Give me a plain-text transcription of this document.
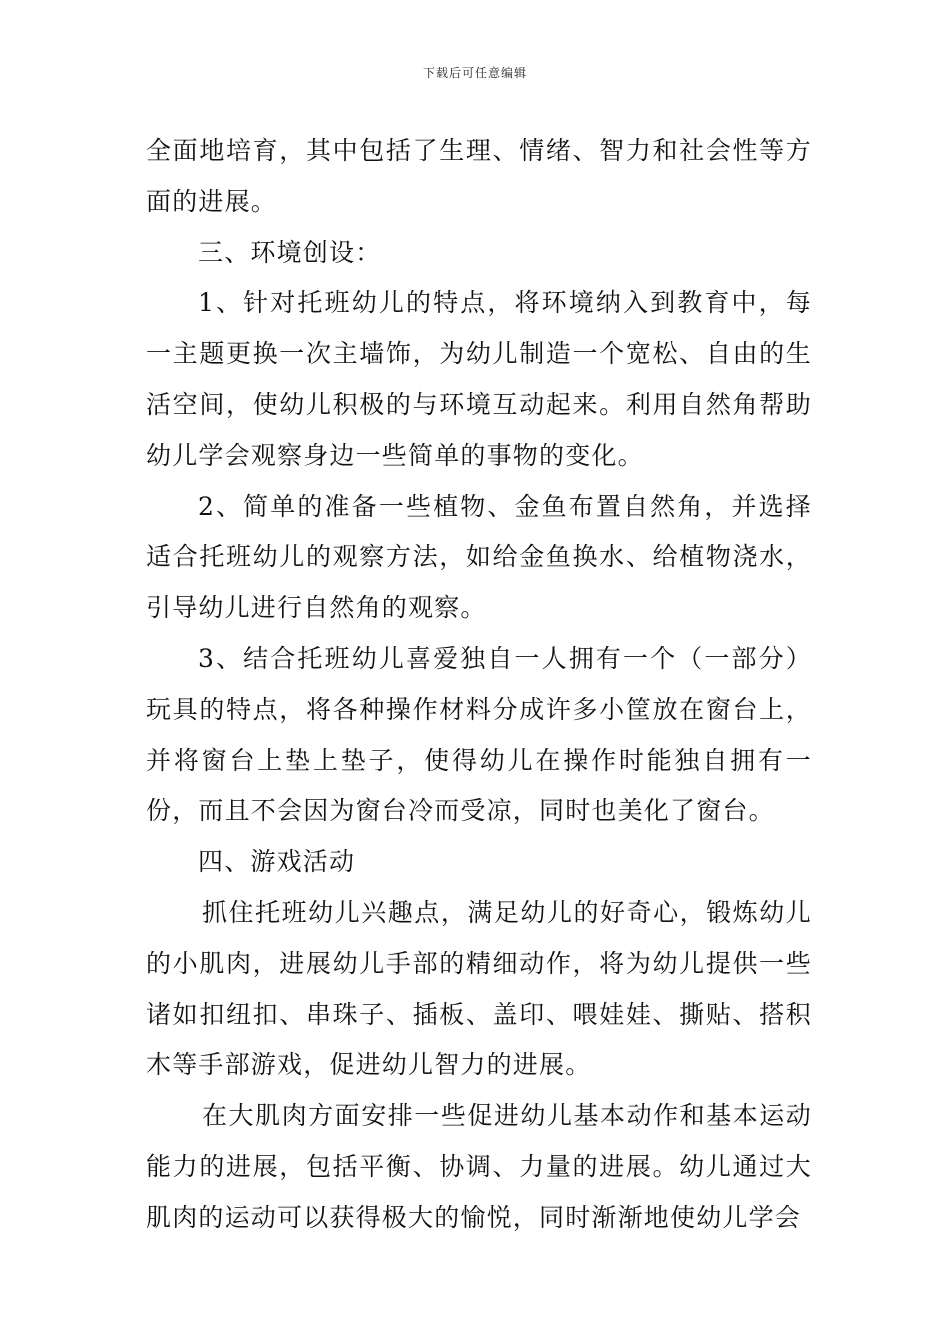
下载后可任意编辑

全面地培育，其中包括了生理、情绪、智力和社会性等方面的进展。

三、环境创设：

1、针对托班幼儿的特点，将环境纳入到教育中，每一主题更换一次主墙饰，为幼儿制造一个宽松、自由的生活空间，使幼儿积极的与环境互动起来。利用自然角帮助幼儿学会观察身边一些简单的事物的变化。

2、简单的准备一些植物、金鱼布置自然角，并选择适合托班幼儿的观察方法，如给金鱼换水、给植物浇水，引导幼儿进行自然角的观察。

3、结合托班幼儿喜爱独自一人拥有一个（一部分）玩具的特点，将各种操作材料分成许多小筐放在窗台上，并将窗台上垫上垫子，使得幼儿在操作时能独自拥有一份，而且不会因为窗台冷而受凉，同时也美化了窗台。

四、游戏活动

抓住托班幼儿兴趣点，满足幼儿的好奇心，锻炼幼儿的小肌肉，进展幼儿手部的精细动作，将为幼儿提供一些诸如扣纽扣、串珠子、插板、盖印、喂娃娃、撕贴、搭积木等手部游戏，促进幼儿智力的进展。

在大肌肉方面安排一些促进幼儿基本动作和基本运动能力的进展，包括平衡、协调、力量的进展。幼儿通过大肌肉的运动可以获得极大的愉悦，同时渐渐地使幼儿学会
